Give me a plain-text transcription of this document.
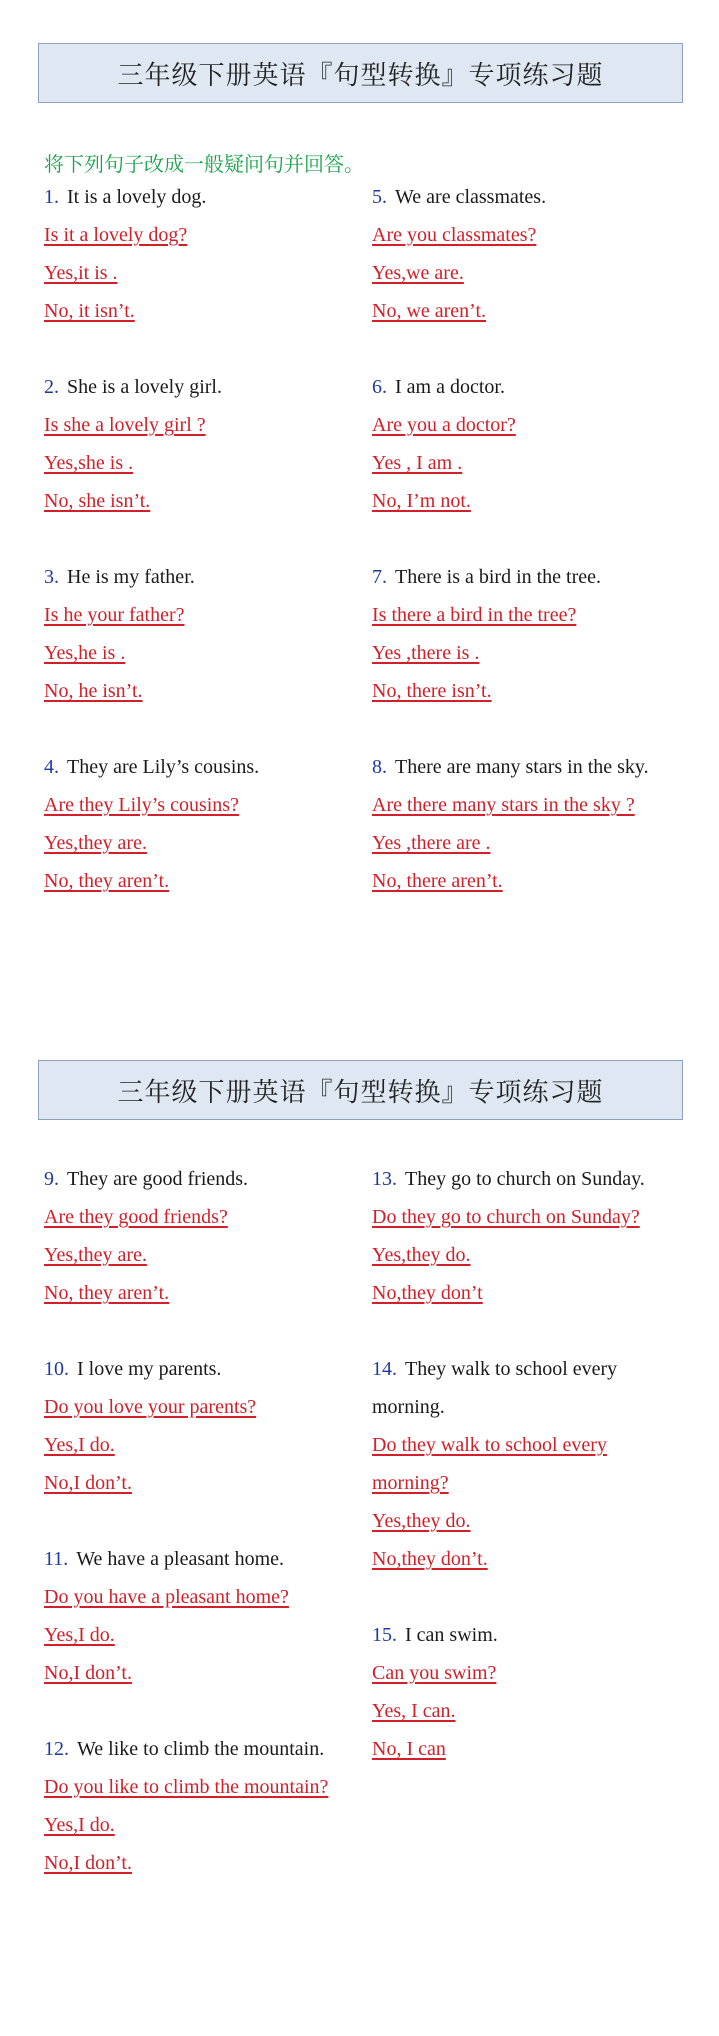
三年级下册英语『句型转换』专项练习题
将下列句子改成一般疑问句并回答。
1. It is a lovely dog.
Is it a lovely dog?
Yes,it is .
No, it isn’t.
2. She is a lovely girl.
Is she a lovely girl ?
Yes,she is .
No, she isn’t.
3. He is my father.
Is he your father?
Yes,he is .
No, he isn’t.
4. They are Lily’s cousins.
Are they Lily’s cousins?
Yes,they are.
No, they aren’t.
5. We are classmates.
Are you classmates?
Yes,we are.
No, we aren’t.
6. I am a doctor.
Are you a doctor?
Yes , I am .
No, I’m not.
7. There is a bird in the tree.
Is there a bird in the tree?
Yes ,there is .
No, there isn’t.
8. There are many stars in the sky.
Are there many stars in the sky ?
Yes ,there are .
No, there aren’t.
三年级下册英语『句型转换』专项练习题
9. They are good friends.
Are they good friends?
Yes,they are.
No, they aren’t.
10. I love my parents.
Do you love your parents?
Yes,I do.
No,I don’t.
11. We have a pleasant home.
Do you have a pleasant home?
Yes,I do.
No,I don’t.
12. We like to climb the mountain.
Do you like to climb the mountain?
Yes,I do.
No,I don’t.
13. They go to church on Sunday.
Do they go to church on Sunday?
Yes,they do.
No,they don’t
14. They walk to school every morning.
Do they walk to school every morning?
Yes,they do.
No,they don’t.
15. I can swim.
Can you swim?
Yes, I can.
No, I can
